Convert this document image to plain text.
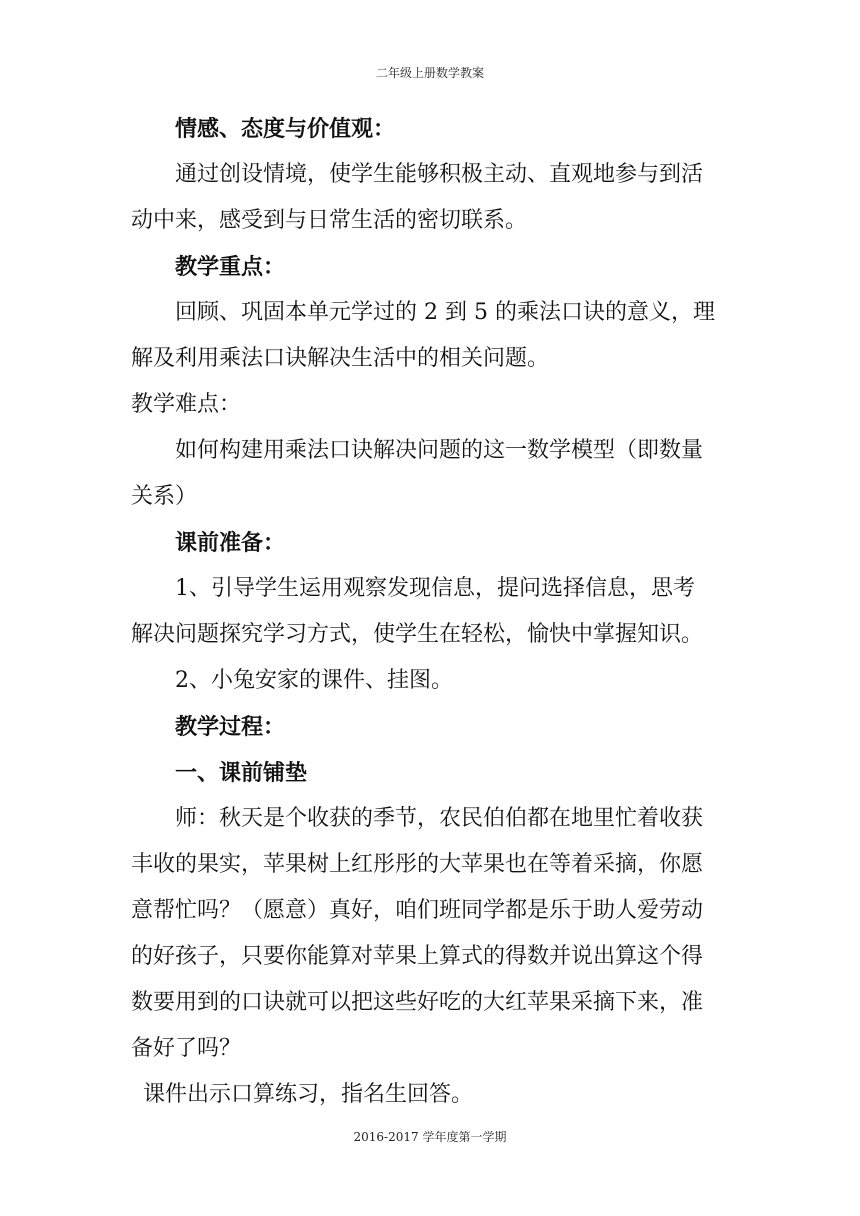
二年级上册数学教案
情感、态度与价值观：
通过创设情境，使学生能够积极主动、直观地参与到活
动中来，感受到与日常生活的密切联系。
教学重点：
回顾、巩固本单元学过的 2 到 5 的乘法口诀的意义，理
解及利用乘法口诀解决生活中的相关问题。
教学难点：
如何构建用乘法口诀解决问题的这一数学模型（即数量
关系）
课前准备：
1、引导学生运用观察发现信息，提问选择信息，思考
解决问题探究学习方式，使学生在轻松，愉快中掌握知识。
2、小兔安家的课件、挂图。
教学过程：
一、课前铺垫
师：秋天是个收获的季节，农民伯伯都在地里忙着收获
丰收的果实，苹果树上红彤彤的大苹果也在等着采摘，你愿
意帮忙吗？（愿意）真好，咱们班同学都是乐于助人爱劳动
的好孩子，只要你能算对苹果上算式的得数并说出算这个得
数要用到的口诀就可以把这些好吃的大红苹果采摘下来，准
备好了吗？
课件出示口算练习，指名生回答。
2016-2017 学年度第一学期
